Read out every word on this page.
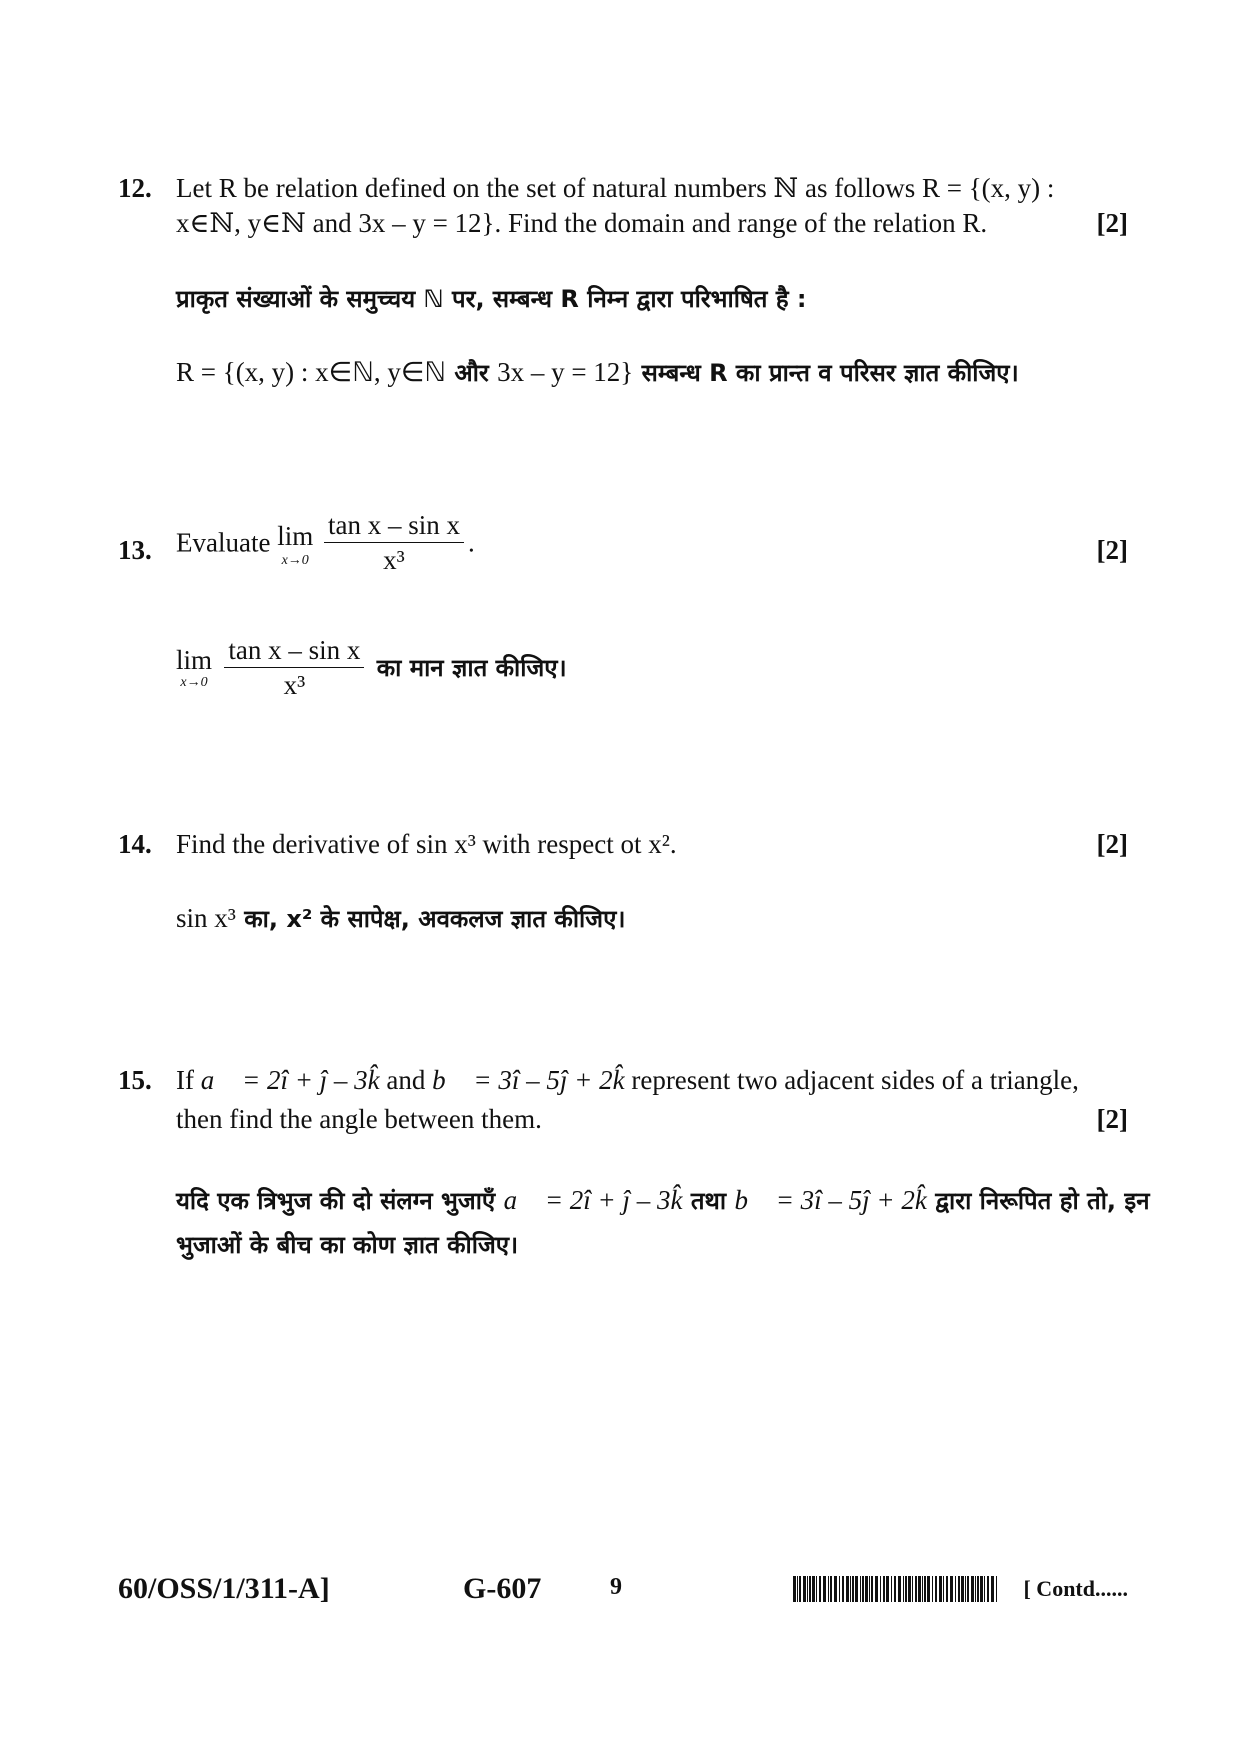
12. Let R be relation defined on the set of natural numbers ℕ as follows R = {(x, y) :
x∈ℕ, y∈ℕ and 3x – y = 12}. Find the domain and range of the relation R.	[2]
प्राकृत संख्याओं के समुच्चय ℕ पर, सम्बन्ध R निम्न द्वारा परिभाषित है :
R = {(x, y) : x∈ℕ, y∈ℕ और 3x – y = 12} सम्बन्ध R का प्रान्त व परिसर ज्ञात कीजिए।
13. Evaluate lim
x→0
$\frac{\text{tan x – sin x}}{\text{x³}}$ .	[2]
lim
x→0
$\frac{\text{tan x – sin x}}{\text{x³}}$ का मान ज्ञात कीजिए।
14. Find the derivative of sin x³ with respect ot x².	[2]
sin x³ का, x² के सापेक्ष, अवकलज ज्ञात कीजिए।
15. If a⃗ = 2î + ĵ – 3k̂ and b⃗ = 3î – 5ĵ + 2k̂ represent two adjacent sides of a triangle,
then find the angle between them.	[2]
यदि एक त्रिभुज की दो संलग्न भुजाएँ a⃗ = 2î + ĵ – 3k̂ तथा b⃗ = 3î – 5ĵ + 2k̂ द्वारा निरूपित हो तो, इन
भुजाओं के बीच का कोण ज्ञात कीजिए।
60/OSS/1/311-A]	G-607	9	[ Contd......
